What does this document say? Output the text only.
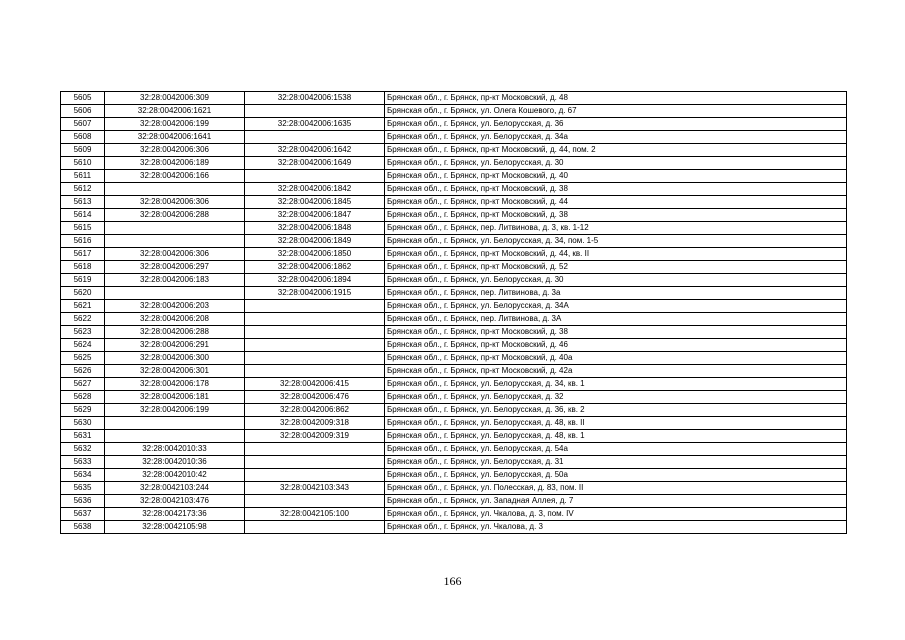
5605	32:28:0042006:309	32:28:0042006:1538	Брянская обл., г. Брянск, пр-кт Московский, д. 48
5606	32:28:0042006:1621		Брянская обл., г. Брянск, ул. Олега Кошевого, д. 67
5607	32:28:0042006:199	32:28:0042006:1635	Брянская обл., г. Брянск, ул. Белорусская, д. 36
5608	32:28:0042006:1641		Брянская обл., г. Брянск, ул. Белорусская, д. 34а
5609	32:28:0042006:306	32:28:0042006:1642	Брянская обл., г. Брянск, пр-кт Московский, д. 44, пом. 2
5610	32:28:0042006:189	32:28:0042006:1649	Брянская обл., г. Брянск, ул. Белорусская, д. 30
5611	32:28:0042006:166		Брянская обл., г. Брянск, пр-кт Московский, д. 40
5612		32:28:0042006:1842	Брянская обл., г. Брянск, пр-кт Московский, д. 38
5613	32:28:0042006:306	32:28:0042006:1845	Брянская обл., г. Брянск, пр-кт Московский, д. 44
5614	32:28:0042006:288	32:28:0042006:1847	Брянская обл., г. Брянск, пр-кт Московский, д. 38
5615		32:28:0042006:1848	Брянская обл., г. Брянск, пер. Литвинова, д. 3, кв. 1-12
5616		32:28:0042006:1849	Брянская обл., г. Брянск, ул. Белорусская, д. 34, пом. 1-5
5617	32:28:0042006:306	32:28:0042006:1850	Брянская обл., г. Брянск, пр-кт Московский, д. 44, кв. II
5618	32:28:0042006:297	32:28:0042006:1862	Брянская обл., г. Брянск, пр-кт Московский, д. 52
5619	32:28:0042006:183	32:28:0042006:1894	Брянская обл., г. Брянск, ул. Белорусская, д. 30
5620		32:28:0042006:1915	Брянская обл., г. Брянск, пер. Литвинова, д. 3а
5621	32:28:0042006:203		Брянская обл., г. Брянск, ул. Белорусская, д. 34А
5622	32:28:0042006:208		Брянская обл., г. Брянск, пер. Литвинова, д. 3А
5623	32:28:0042006:288		Брянская обл., г. Брянск, пр-кт Московский, д. 38
5624	32:28:0042006:291		Брянская обл., г. Брянск, пр-кт Московский, д. 46
5625	32:28:0042006:300		Брянская обл., г. Брянск, пр-кт Московский, д. 40а
5626	32:28:0042006:301		Брянская обл., г. Брянск, пр-кт Московский, д. 42а
5627	32:28:0042006:178	32:28:0042006:415	Брянская обл., г. Брянск, ул. Белорусская, д. 34, кв. 1
5628	32:28:0042006:181	32:28:0042006:476	Брянская обл., г. Брянск, ул. Белорусская, д. 32
5629	32:28:0042006:199	32:28:0042006:862	Брянская обл., г. Брянск, ул. Белорусская, д. 36, кв. 2
5630		32:28:0042009:318	Брянская обл., г. Брянск, ул. Белорусская, д. 48, кв. II
5631		32:28:0042009:319	Брянская обл., г. Брянск, ул. Белорусская, д. 48, кв. 1
5632	32:28:0042010:33		Брянская обл., г. Брянск, ул. Белорусская, д. 54а
5633	32:28:0042010:36		Брянская обл., г. Брянск, ул. Белорусская, д. 31
5634	32:28:0042010:42		Брянская обл., г. Брянск, ул. Белорусская, д. 50а
5635	32:28:0042103:244	32:28:0042103:343	Брянская обл., г. Брянск, ул. Полесская, д. 83, пом. II
5636	32:28:0042103:476		Брянская обл., г. Брянск, ул. Западная Аллея, д. 7
5637	32:28:0042173:36	32:28:0042105:100	Брянская обл., г. Брянск, ул. Чкалова, д. 3, пом. IV
5638	32:28:0042105:98		Брянская обл., г. Брянск, ул. Чкалова, д. 3
166
